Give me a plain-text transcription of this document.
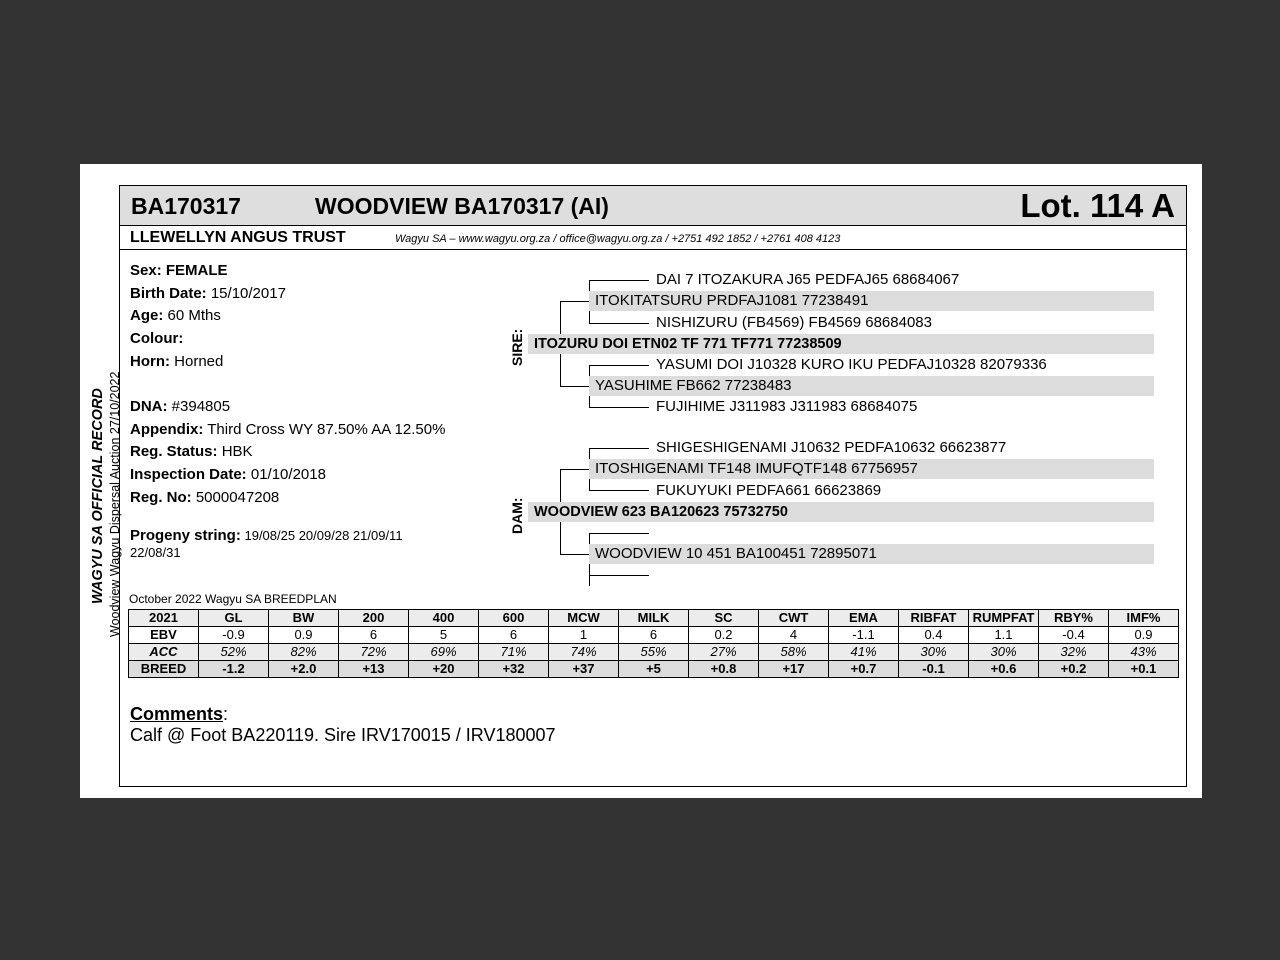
WAGYU SA OFFICIAL RECORD Woodview Wagyu Dispersal Auction 27/10/2022
BA170317	WOODVIEW BA170317 (AI)	Lot. 114 A
LLEWELLYN ANGUS TRUST	Wagyu SA – www.wagyu.org.za / office@wagyu.org.za / +2751 492 1852 / +2761 408 4123
Sex: FEMALE
Birth Date: 15/10/2017
Age: 60 Mths
Colour:
Horn: Horned
DNA: #394805
Appendix: Third Cross WY 87.50% AA 12.50%
Reg. Status: HBK
Inspection Date: 01/10/2018
Reg. No: 5000047208
Progeny string: 19/08/25 20/09/28 21/09/11 22/08/31
SIRE:
DAM:
DAI 7 ITOZAKURA J65 PEDFAJ65 68684067
ITOKITATSURU PRDFAJ1081 77238491
NISHIZURU (FB4569) FB4569 68684083
ITOZURU DOI ETN02 TF 771 TF771 77238509
YASUMI DOI J10328 KURO IKU PEDFAJ10328 82079336
YASUHIME FB662 77238483
FUJIHIME J311983 J311983 68684075
SHIGESHIGENAMI J10632 PEDFA10632 66623877
ITOSHIGENAMI TF148 IMUFQTF148 67756957
FUKUYUKI PEDFA661 66623869
WOODVIEW 623 BA120623 75732750
WOODVIEW 10 451 BA100451 72895071
October 2022 Wagyu SA BREEDPLAN
2021	GL	BW	200	400	600	MCW	MILK	SC	CWT	EMA	RIBFAT	RUMPFAT	RBY%	IMF%
EBV	-0.9	0.9	6	5	6	1	6	0.2	4	-1.1	0.4	1.1	-0.4	0.9
ACC	52%	82%	72%	69%	71%	74%	55%	27%	58%	41%	30%	30%	32%	43%
BREED	-1.2	+2.0	+13	+20	+32	+37	+5	+0.8	+17	+0.7	-0.1	+0.6	+0.2	+0.1
Comments:
Calf @ Foot BA220119. Sire IRV170015 / IRV180007
